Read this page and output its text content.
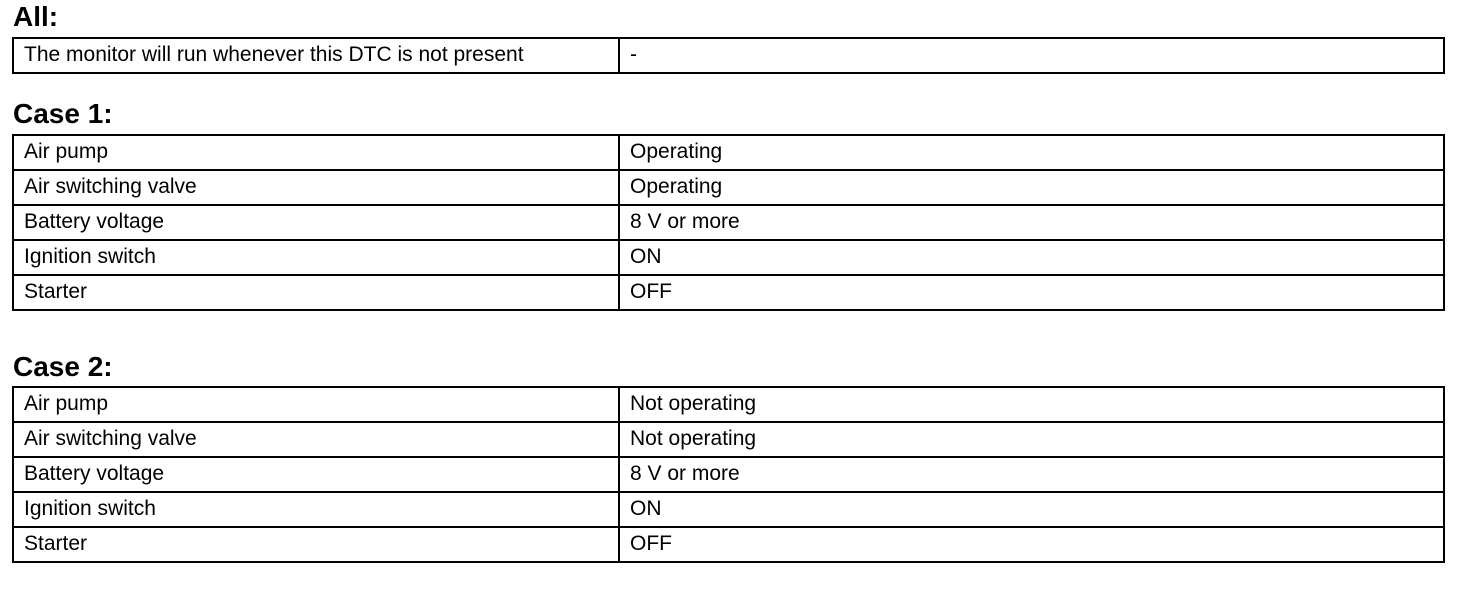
All:
The monitor will run whenever this DTC is not present	-
Case 1:
Air pump	Operating
Air switching valve	Operating
Battery voltage	8 V or more
Ignition switch	ON
Starter	OFF
Case 2:
Air pump	Not operating
Air switching valve	Not operating
Battery voltage	8 V or more
Ignition switch	ON
Starter	OFF
